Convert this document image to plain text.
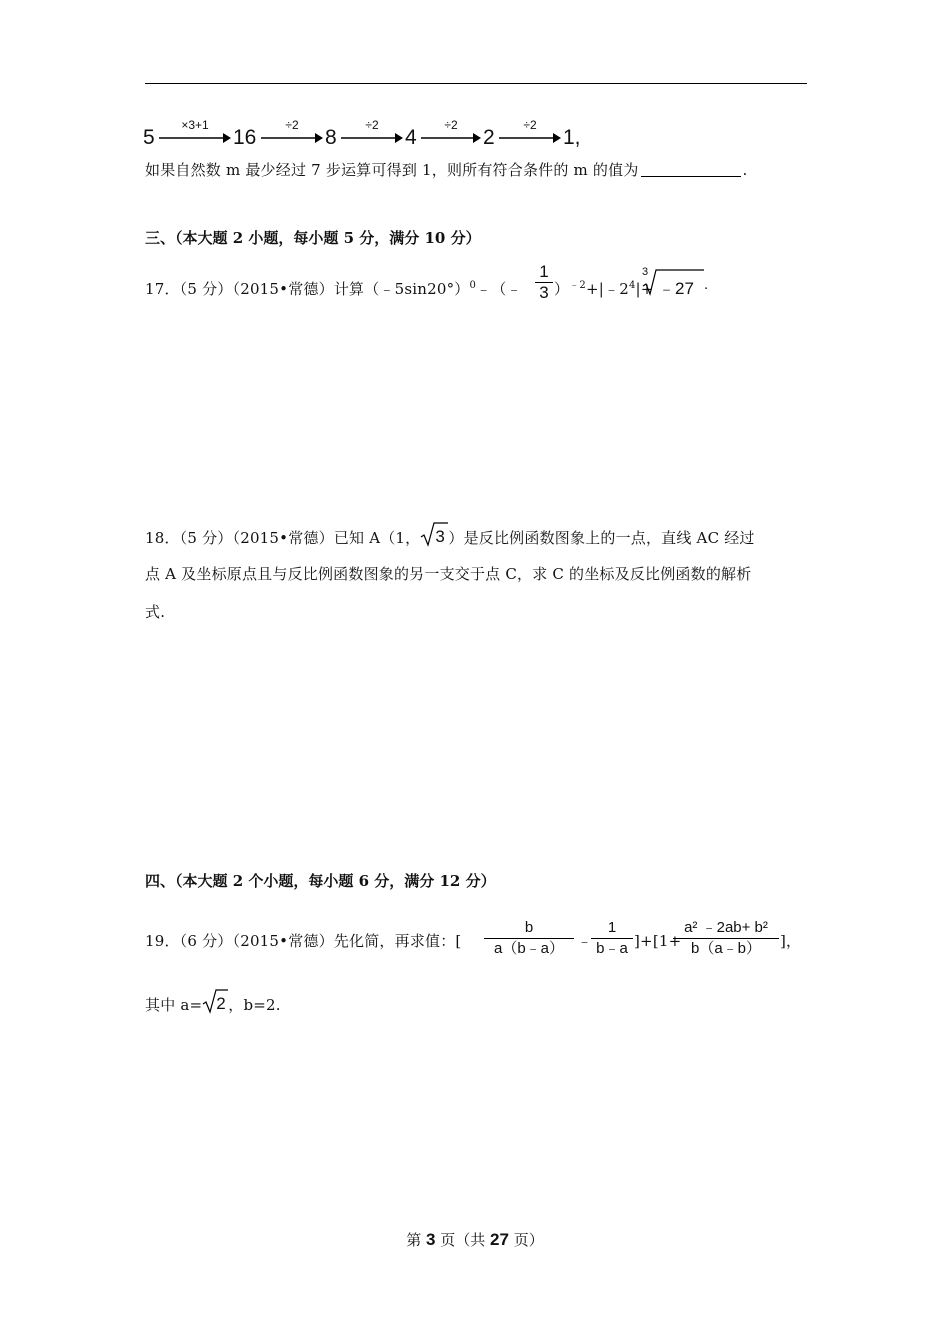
5
×3+1
16
÷2
8
÷2
4
÷2
2
÷2
1,
如果自然数 m 最少经过 7 步运算可得到 1，则所有符合条件的 m 的值为	.
三、（本大题 2 小题，每小题 5 分，满分 10 分）
17．（5 分）（2015•常德）计算（﹣5sin20°）$^0$﹣（﹣
1
3 ）$^{﹣2}+|﹣2^4|+$
3
﹣27 .
18．（5 分）（2015•常德）已知 A（1， 3 ）是反比例函数图象上的一点，直线 AC 经过
点 A 及坐标原点且与反比例函数图象的另一支交于点 C，求 C 的坐标及反比例函数的解析
式.
四、（本大题 2 个小题，每小题 6 分，满分 12 分）
19．（6 分）（2015•常德）先化简，再求值：[
b
a（b﹣a） ﹣
1
b﹣a ]+[1+
a² ﹣2ab+ b²
b（a﹣b）	]，
其中 a= 2 ，b=2.
第 3 页（共 27 页）
